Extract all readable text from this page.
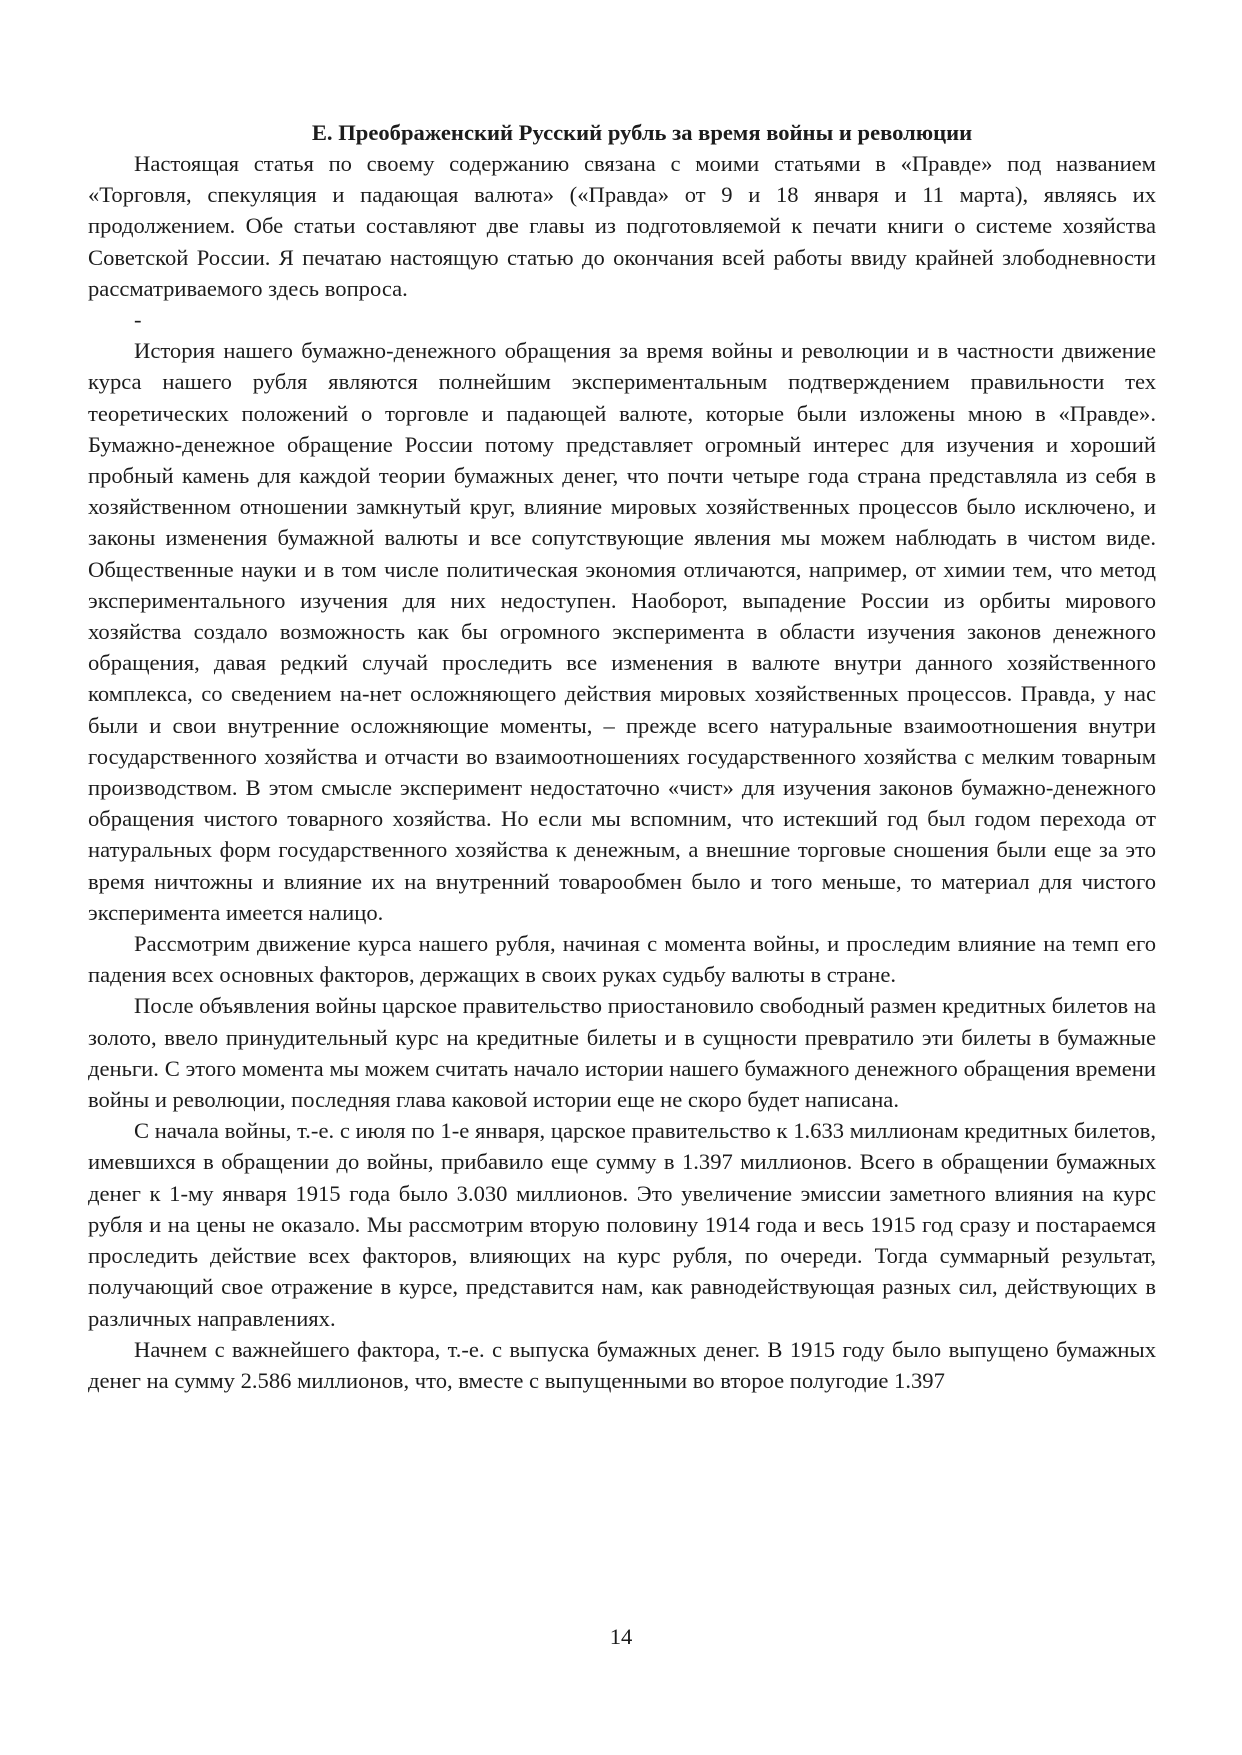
Е. Преображенский Русский рубль за время войны и революции

Настоящая статья по своему содержанию связана с моими статьями в «Правде» под названием «Торговля, спекуляция и падающая валюта» («Правда» от 9 и 18 января и 11 марта), являясь их продолжением. Обе статьи составляют две главы из подготовляемой к печати книги о системе хозяйства Советской России. Я печатаю настоящую статью до окончания всей работы ввиду крайней злободневности рассматриваемого здесь вопроса.

-

История нашего бумажно-денежного обращения за время войны и революции и в частности движение курса нашего рубля являются полнейшим экспериментальным подтверждением правильности тех теоретических положений о торговле и падающей валюте, которые были изложены мною в «Правде». Бумажно-денежное обращение России потому представляет огромный интерес для изучения и хороший пробный камень для каждой теории бумажных денег, что почти четыре года страна представляла из себя в хозяйственном отношении замкнутый круг, влияние мировых хозяйственных процессов было исключено, и законы изменения бумажной валюты и все сопутствующие явления мы можем наблюдать в чистом виде. Общественные науки и в том числе политическая экономия отличаются, например, от химии тем, что метод экспериментального изучения для них недоступен. Наоборот, выпадение России из орбиты мирового хозяйства создало возможность как бы огромного эксперимента в области изучения законов денежного обращения, давая редкий случай проследить все изменения в валюте внутри данного хозяйственного комплекса, со сведением на-нет осложняющего действия мировых хозяйственных процессов. Правда, у нас были и свои внутренние осложняющие моменты, – прежде всего натуральные взаимоотношения внутри государственного хозяйства и отчасти во взаимоотношениях государственного хозяйства с мелким товарным производством. В этом смысле эксперимент недостаточно «чист» для изучения законов бумажно-денежного обращения чистого товарного хозяйства. Но если мы вспомним, что истекший год был годом перехода от натуральных форм государственного хозяйства к денежным, а внешние торговые сношения были еще за это время ничтожны и влияние их на внутренний товарообмен было и того меньше, то материал для чистого эксперимента имеется налицо.

Рассмотрим движение курса нашего рубля, начиная с момента войны, и проследим влияние на темп его падения всех основных факторов, держащих в своих руках судьбу валюты в стране.

После объявления войны царское правительство приостановило свободный размен кредитных билетов на золото, ввело принудительный курс на кредитные билеты и в сущности превратило эти билеты в бумажные деньги. С этого момента мы можем считать начало истории нашего бумажного денежного обращения времени войны и революции, последняя глава каковой истории еще не скоро будет написана.

С начала войны, т.-е. с июля по 1-е января, царское правительство к 1.633 миллионам кредитных билетов, имевшихся в обращении до войны, прибавило еще сумму в 1.397 миллионов. Всего в обращении бумажных денег к 1-му января 1915 года было 3.030 миллионов. Это увеличение эмиссии заметного влияния на курс рубля и на цены не оказало. Мы рассмотрим вторую половину 1914 года и весь 1915 год сразу и постараемся проследить действие всех факторов, влияющих на курс рубля, по очереди. Тогда суммарный результат, получающий свое отражение в курсе, представится нам, как равнодействующая разных сил, действующих в различных направлениях.

Начнем с важнейшего фактора, т.-е. с выпуска бумажных денег. В 1915 году было выпущено бумажных денег на сумму 2.586 миллионов, что, вместе с выпущенными во второе полугодие 1.397

14
